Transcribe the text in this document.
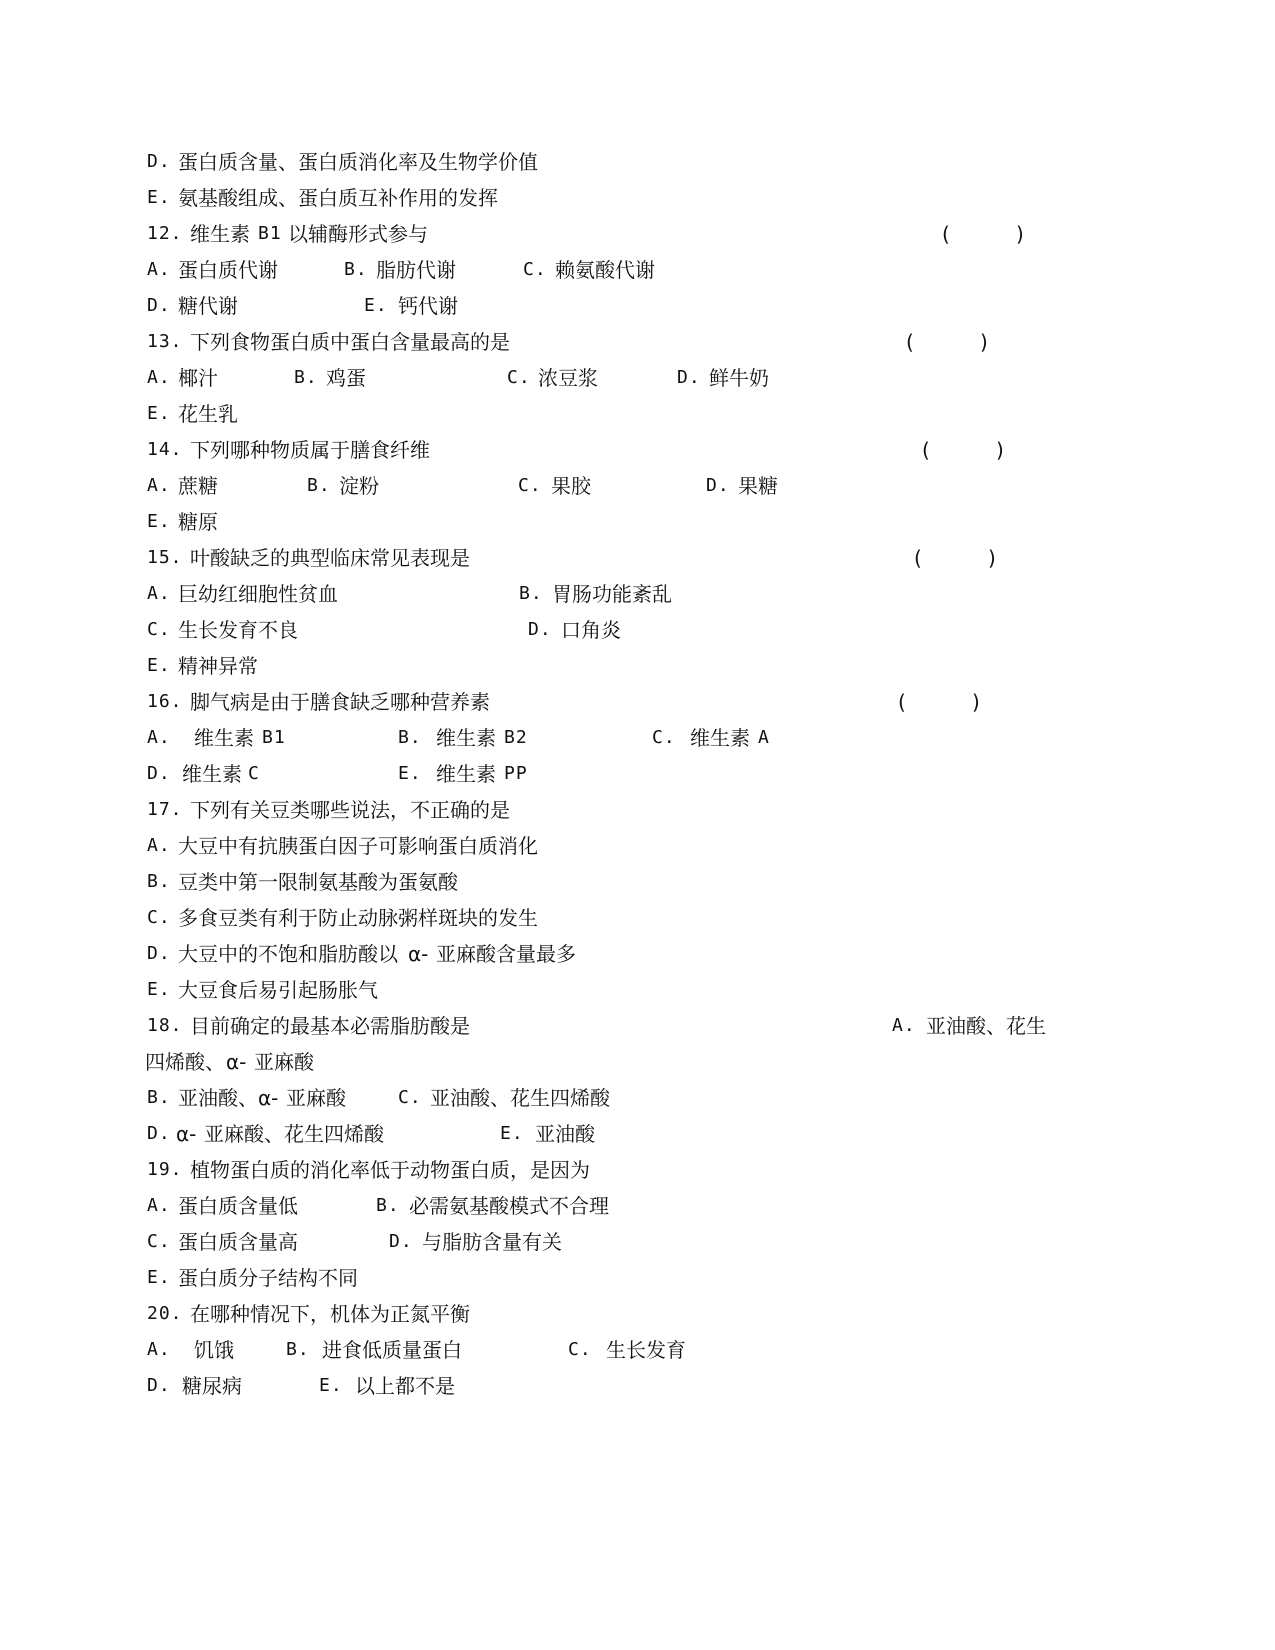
D. 蛋白质含量、蛋白质消化率及生物学价值
E. 氨基酸组成、蛋白质互补作用的发挥
12. 维生素 B1 以辅酶形式参与	(	)
A. 蛋白质代谢	B. 脂肪代谢	C. 赖氨酸代谢
D. 糖代谢	E. 钙代谢
13. 下列食物蛋白质中蛋白含量最高的是	(	)
A. 椰汁	B. 鸡蛋	C. 浓豆浆	D. 鲜牛奶
E. 花生乳
14. 下列哪种物质属于膳食纤维	(	)
A. 蔗糖	B. 淀粉	C. 果胶	D. 果糖
E. 糖原
15. 叶酸缺乏的典型临床常见表现是	(	)
A. 巨幼红细胞性贫血	B. 胃肠功能紊乱
C. 生长发育不良	D. 口角炎
E. 精神异常
16. 脚气病是由于膳食缺乏哪种营养素	(	)
A. 维生素 B1	B. 维生素 B2	C. 维生素 A
D. 维生素 C	E. 维生素 PP
17. 下列有关豆类哪些说法，不正确的是
A. 大豆中有抗胰蛋白因子可影响蛋白质消化
B. 豆类中第一限制氨基酸为蛋氨酸
C. 多食豆类有利于防止动脉粥样斑块的发生
D. 大豆中的不饱和脂肪酸以 α- 亚麻酸含量最多
E. 大豆食后易引起肠胀气
18. 目前确定的最基本必需脂肪酸是	A. 亚油酸、花生
四烯酸、 α- 亚麻酸
B. 亚油酸、 α- 亚麻酸	C. 亚油酸、花生四烯酸
D. α- 亚麻酸、花生四烯酸	E. 亚油酸
19. 植物蛋白质的消化率低于动物蛋白质，是因为
A. 蛋白质含量低	B. 必需氨基酸模式不合理
C. 蛋白质含量高	D. 与脂肪含量有关
E. 蛋白质分子结构不同
20. 在哪种情况下，机体为正氮平衡
A. 饥饿	B. 进食低质量蛋白	C. 生长发育
D. 糖尿病	E. 以上都不是
